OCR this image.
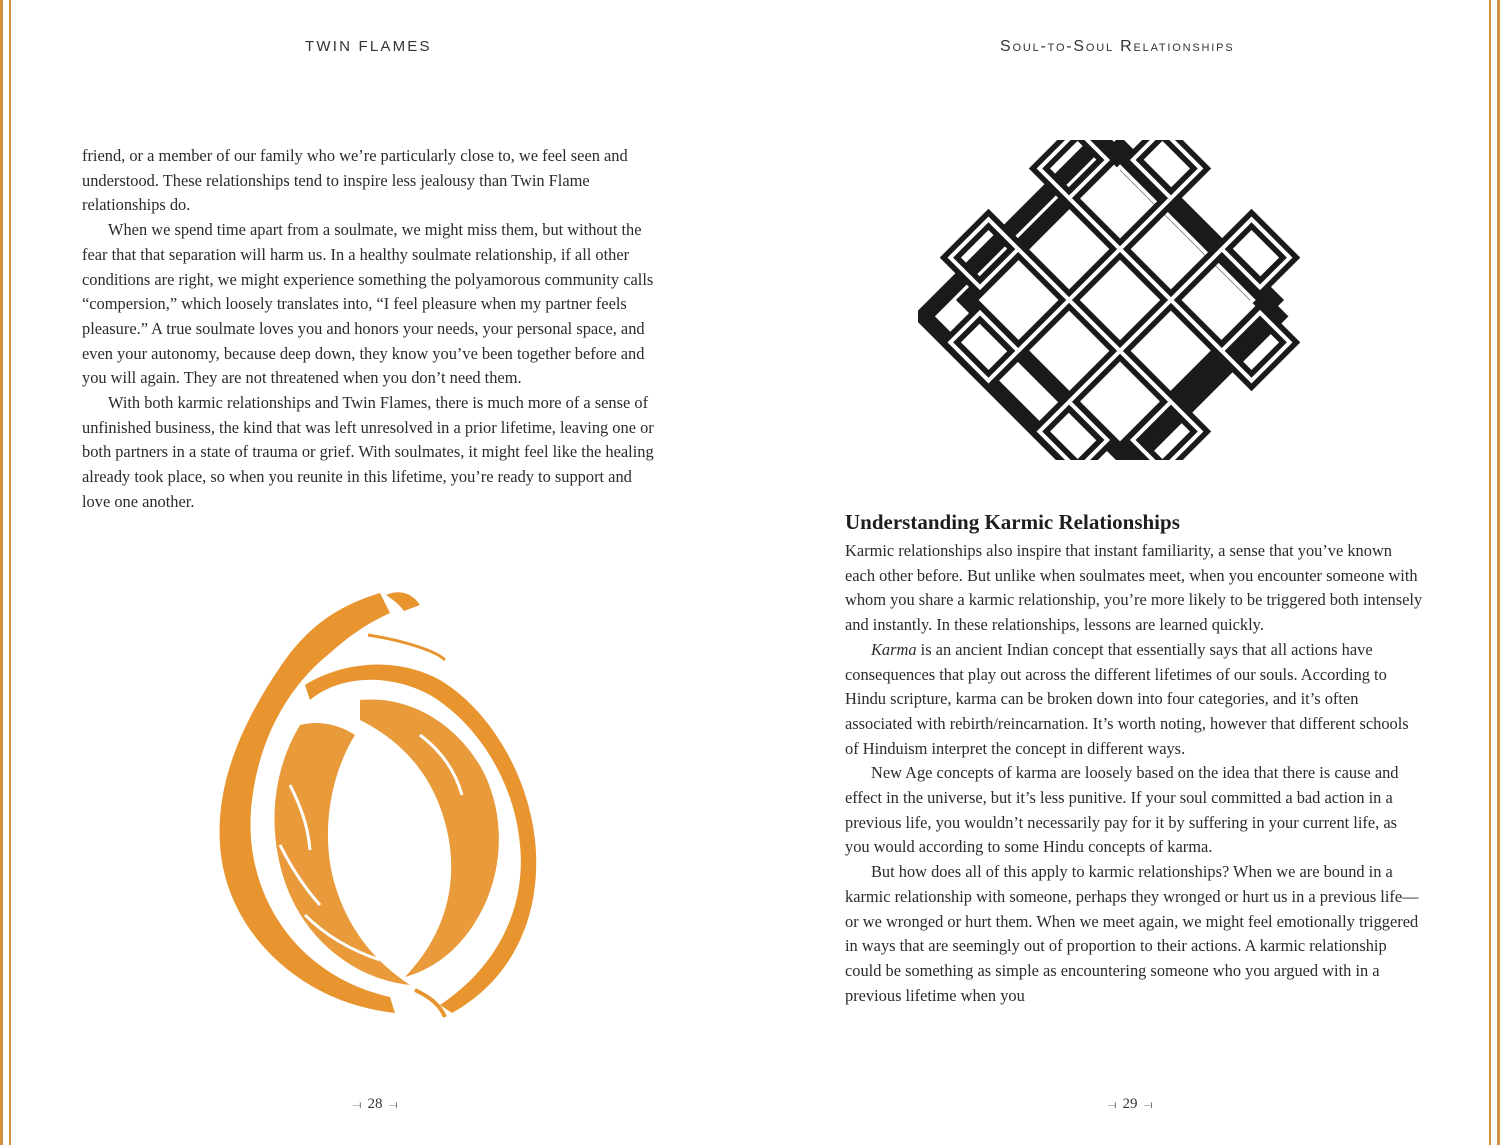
TWIN FLAMES

friend, or a member of our family who we’re particularly close to, we feel seen and understood. These relationships tend to inspire less jealousy than Twin Flame relationships do.

When we spend time apart from a soulmate, we might miss them, but without the fear that that separation will harm us. In a healthy soulmate relationship, if all other conditions are right, we might experience something the polyamorous community calls “compersion,” which loosely translates into, “I feel pleasure when my partner feels pleasure.” A true soulmate loves you and honors your needs, your personal space, and even your autonomy, because deep down, they know you’ve been together before and you will again. They are not threatened when you don’t need them.

With both karmic relationships and Twin Flames, there is much more of a sense of unfinished business, the kind that was left unresolved in a prior lifetime, leaving one or both partners in a state of trauma or grief. With soulmates, it might feel like the healing already took place, so when you reunite in this lifetime, you’re ready to support and love one another.

⟞ 28 ⟞
Soul-to-Soul Relationships
Understanding Karmic Relationships

Karmic relationships also inspire that instant familiarity, a sense that you’ve known each other before. But unlike when soulmates meet, when you encounter someone with whom you share a karmic relationship, you’re more likely to be triggered both intensely and instantly. In these relationships, lessons are learned quickly.

Karma is an ancient Indian concept that essentially says that all actions have consequences that play out across the different lifetimes of our souls. According to Hindu scripture, karma can be broken down into four categories, and it’s often associated with rebirth/reincarnation. It’s worth noting, however that different schools of Hinduism interpret the concept in different ways.

New Age concepts of karma are loosely based on the idea that there is cause and effect in the universe, but it’s less punitive. If your soul committed a bad action in a previous life, you wouldn’t necessarily pay for it by suffering in your current life, as you would according to some Hindu concepts of karma.

But how does all of this apply to karmic relationships? When we are bound in a karmic relationship with someone, perhaps they wronged or hurt us in a previous life—or we wronged or hurt them. When we meet again, we might feel emotionally triggered in ways that are seemingly out of proportion to their actions. A karmic relationship could be something as simple as encountering someone who you argued with in a previous lifetime when you

⟞ 29 ⟞
